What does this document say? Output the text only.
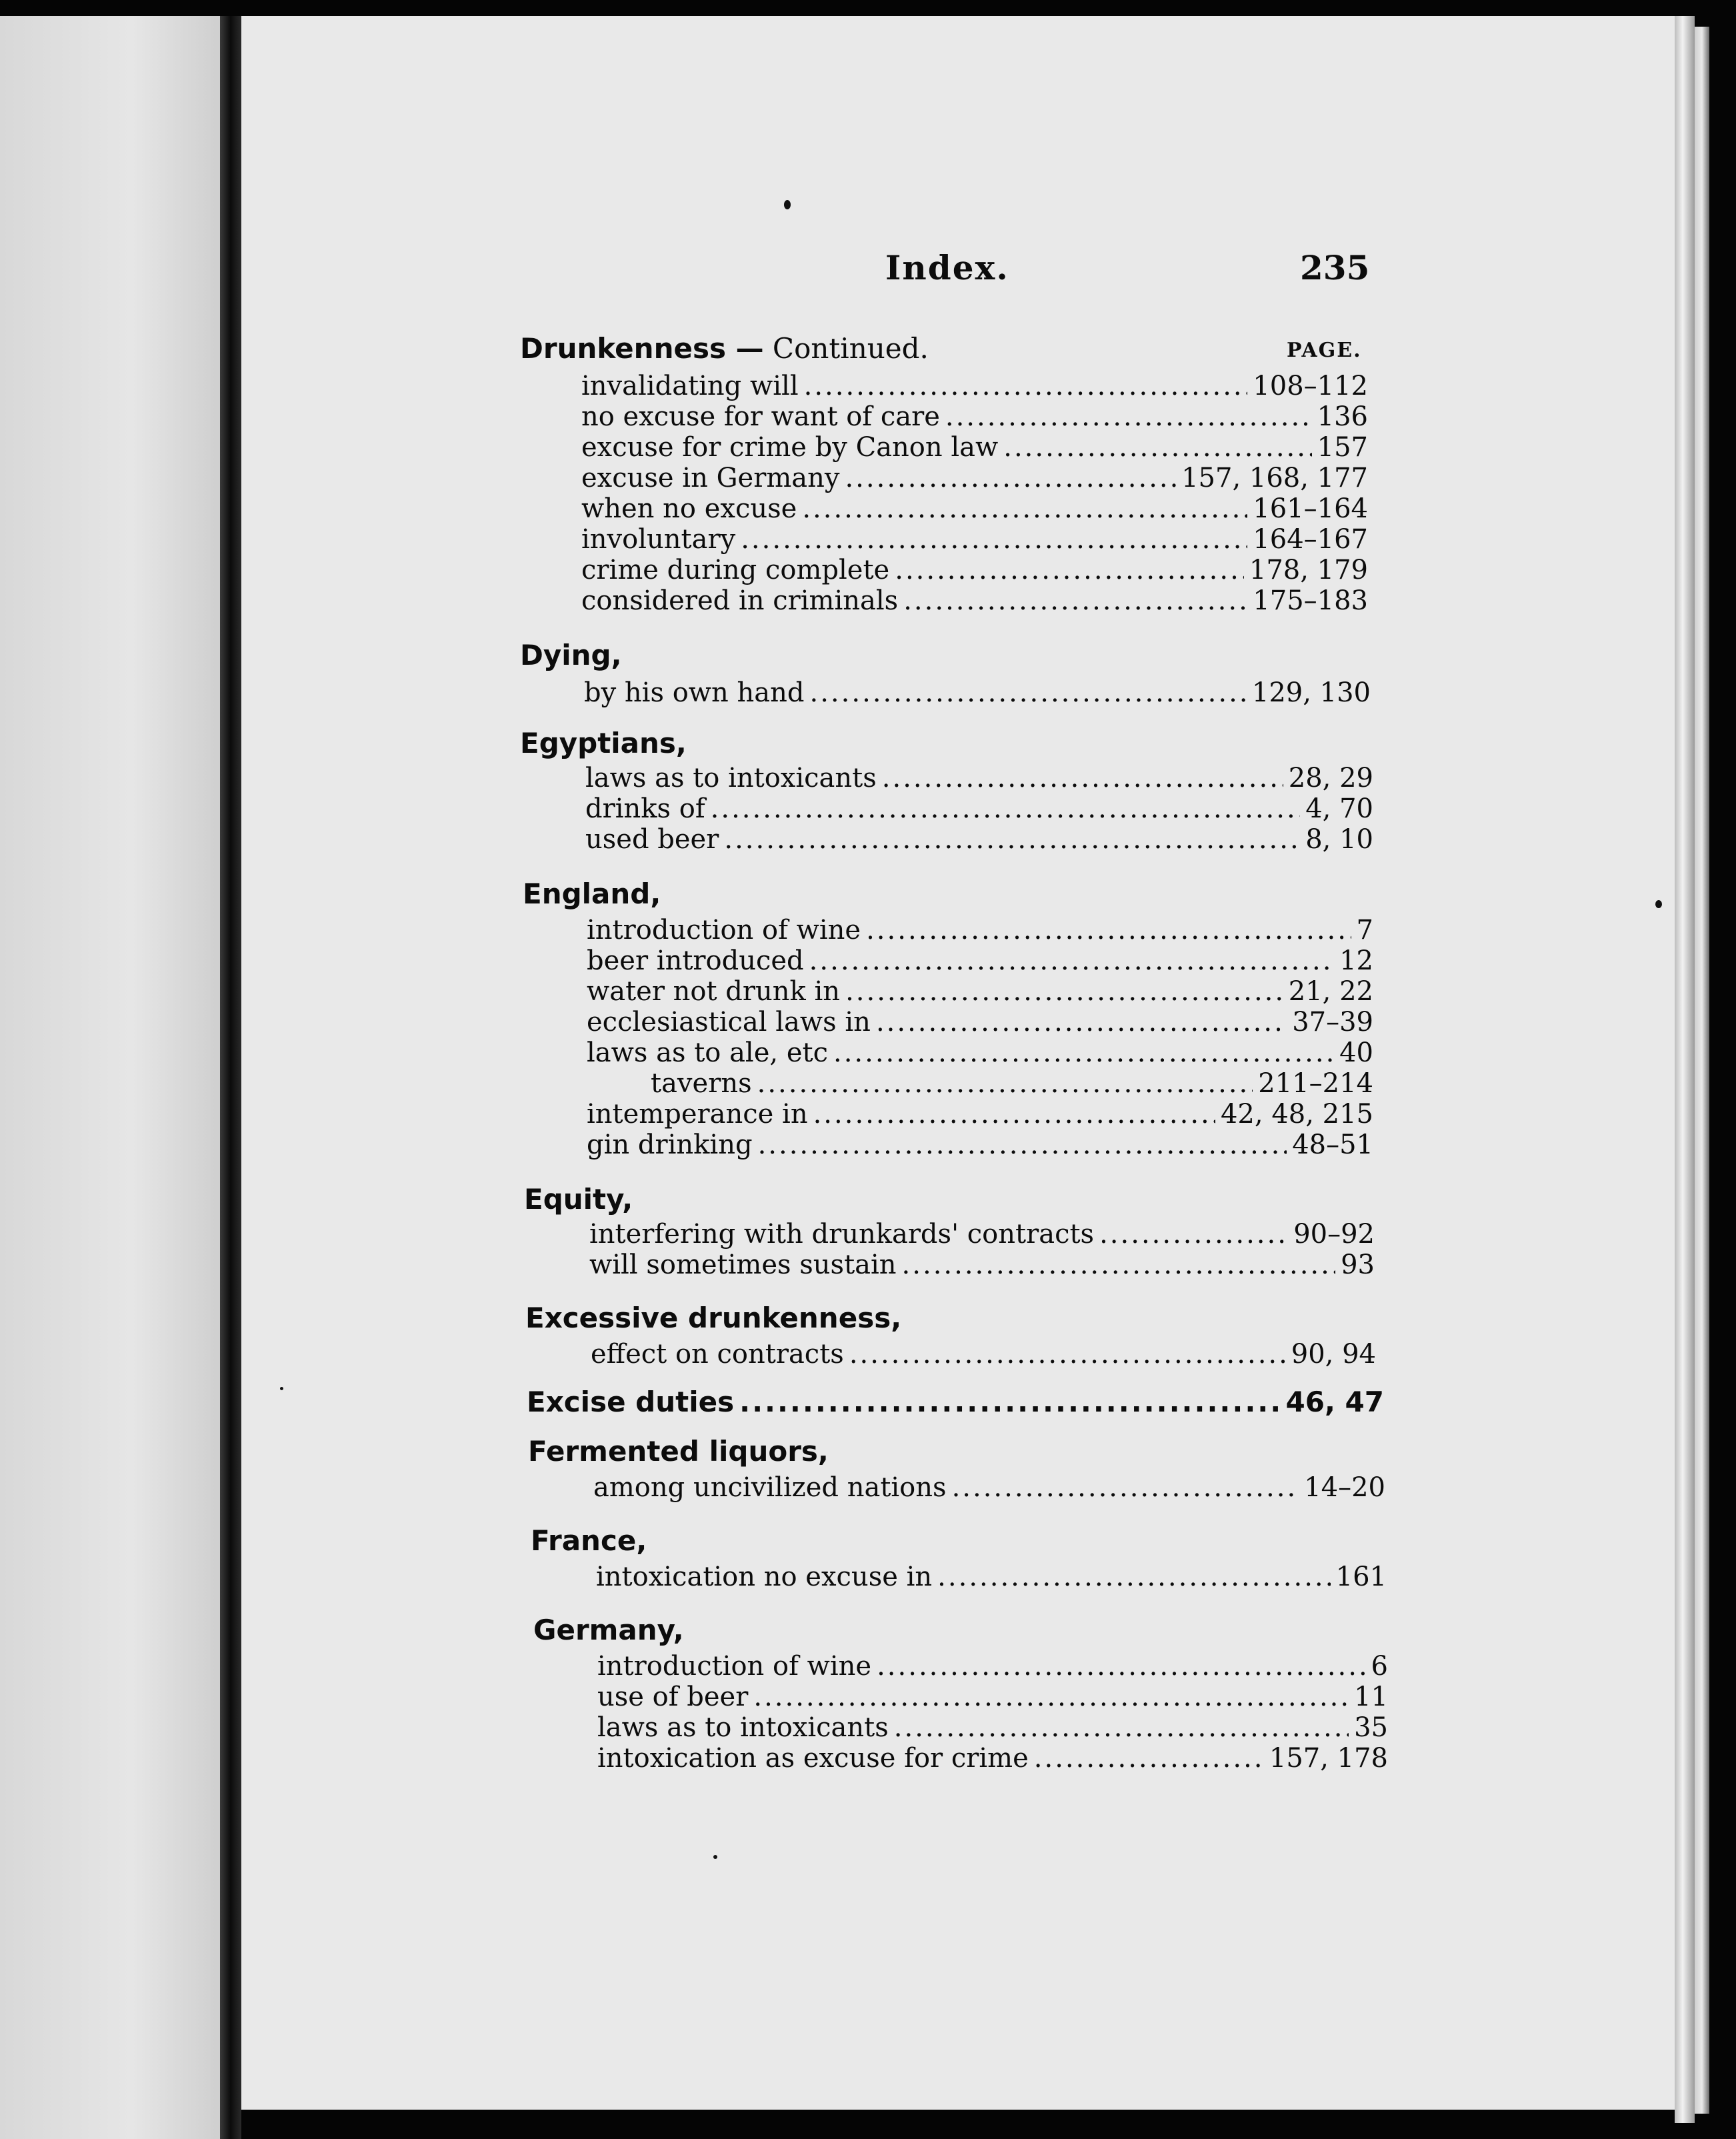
Index.	235
PAGE.
Drunkenness — Continued.
invalidating will .....	108–112
no excuse for want of care .....	136
excuse for crime by Canon law .....	157
excuse in Germany .....	157, 168, 177
when no excuse .....	161–164
involuntary .....	164–167
crime during complete .....	178, 179
considered in criminals .....	175–183
Dying,
by his own hand .....	129, 130
Egyptians,
laws as to intoxicants .....	28, 29
drinks of .....	4, 70
used beer .....	8, 10
England,
introduction of wine .....	7
beer introduced .....	12
water not drunk in .....	21, 22
ecclesiastical laws in .....	37–39
laws as to ale, etc .....	40
taverns .....	211–214
intemperance in .....	42, 48, 215
gin drinking .....	48–51
Equity,
interfering with drunkards' contracts .....	90–92
will sometimes sustain .....	93
Excessive drunkenness,
effect on contracts .....	90, 94
Excise duties .....	46, 47
Fermented liquors,
among uncivilized nations .....	14–20
France,
intoxication no excuse in .....	161
Germany,
introduction of wine .....	6
use of beer .....	11
laws as to intoxicants .....	35
intoxication as excuse for crime .....	157, 178
